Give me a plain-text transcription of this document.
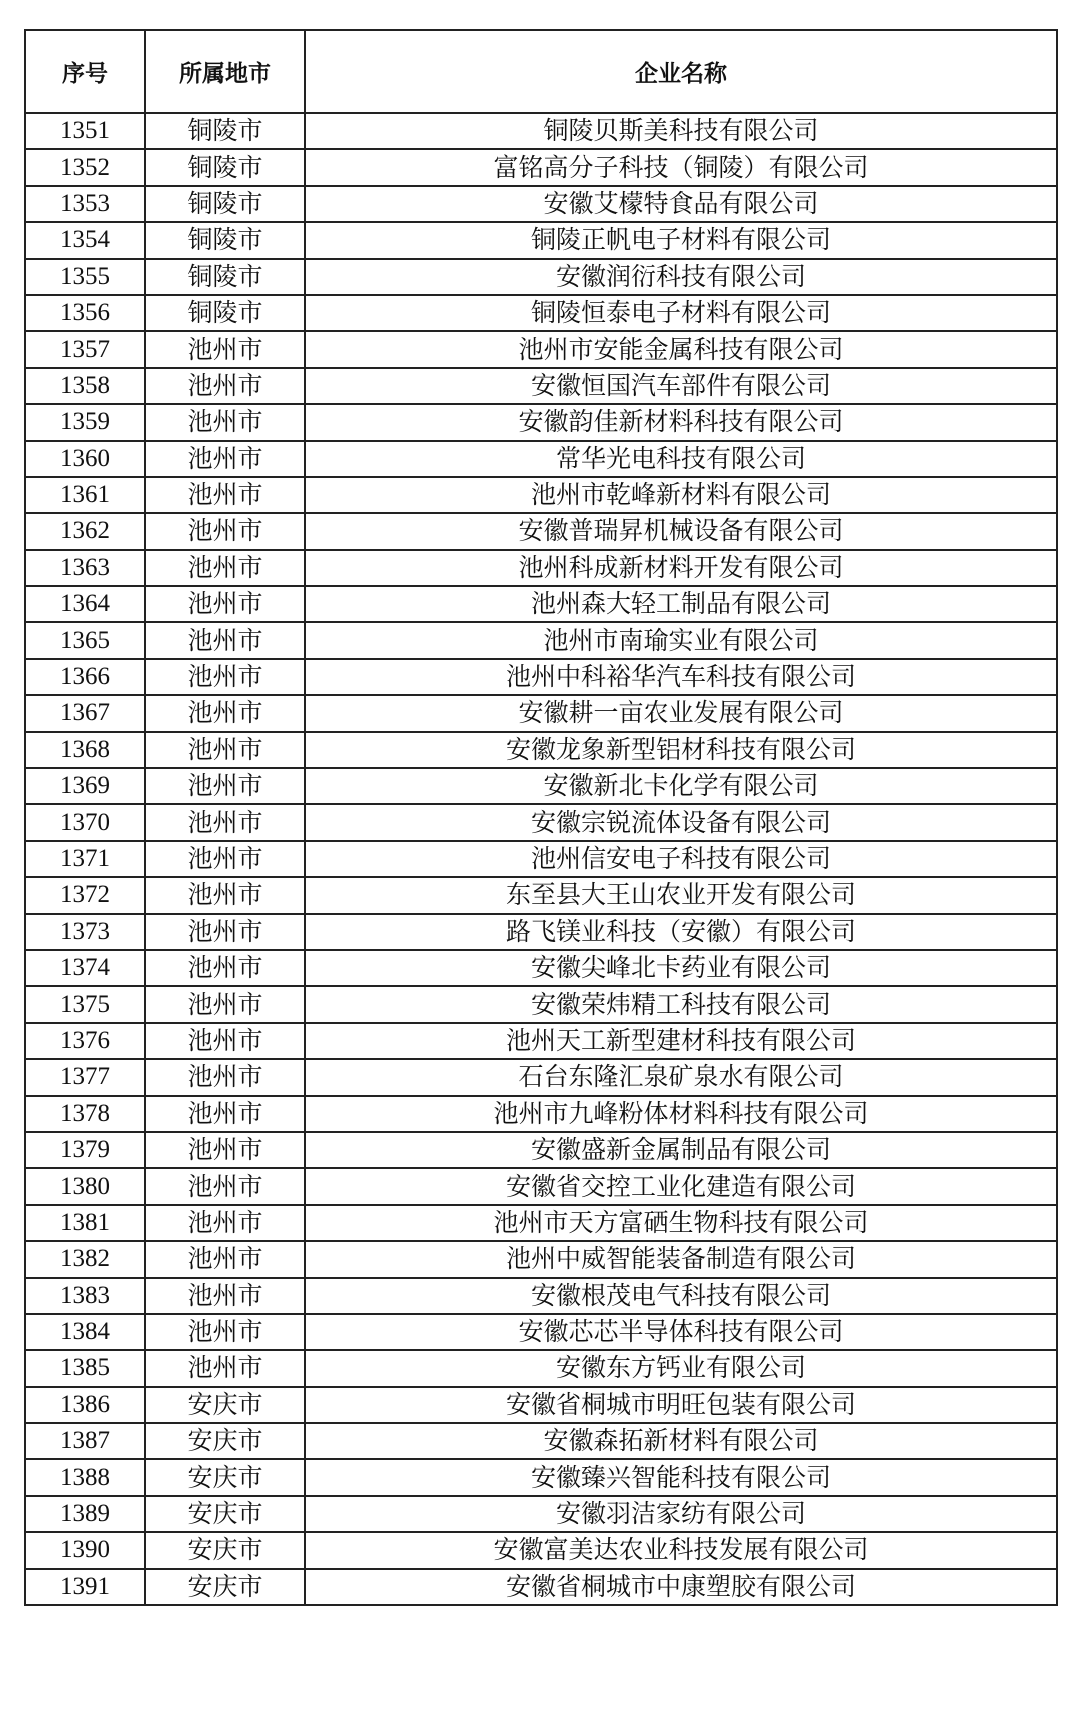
序号	所属地市	企业名称
1351	铜陵市	铜陵贝斯美科技有限公司
1352	铜陵市	富铭高分子科技（铜陵）有限公司
1353	铜陵市	安徽艾檬特食品有限公司
1354	铜陵市	铜陵正帆电子材料有限公司
1355	铜陵市	安徽润衍科技有限公司
1356	铜陵市	铜陵恒泰电子材料有限公司
1357	池州市	池州市安能金属科技有限公司
1358	池州市	安徽恒国汽车部件有限公司
1359	池州市	安徽韵佳新材料科技有限公司
1360	池州市	常华光电科技有限公司
1361	池州市	池州市乾峰新材料有限公司
1362	池州市	安徽普瑞昇机械设备有限公司
1363	池州市	池州科成新材料开发有限公司
1364	池州市	池州森大轻工制品有限公司
1365	池州市	池州市南瑜实业有限公司
1366	池州市	池州中科裕华汽车科技有限公司
1367	池州市	安徽耕一亩农业发展有限公司
1368	池州市	安徽龙象新型铝材科技有限公司
1369	池州市	安徽新北卡化学有限公司
1370	池州市	安徽宗锐流体设备有限公司
1371	池州市	池州信安电子科技有限公司
1372	池州市	东至县大王山农业开发有限公司
1373	池州市	路飞镁业科技（安徽）有限公司
1374	池州市	安徽尖峰北卡药业有限公司
1375	池州市	安徽荣炜精工科技有限公司
1376	池州市	池州天工新型建材科技有限公司
1377	池州市	石台东隆汇泉矿泉水有限公司
1378	池州市	池州市九峰粉体材料科技有限公司
1379	池州市	安徽盛新金属制品有限公司
1380	池州市	安徽省交控工业化建造有限公司
1381	池州市	池州市天方富硒生物科技有限公司
1382	池州市	池州中威智能装备制造有限公司
1383	池州市	安徽根茂电气科技有限公司
1384	池州市	安徽芯芯半导体科技有限公司
1385	池州市	安徽东方钙业有限公司
1386	安庆市	安徽省桐城市明旺包装有限公司
1387	安庆市	安徽森拓新材料有限公司
1388	安庆市	安徽臻兴智能科技有限公司
1389	安庆市	安徽羽洁家纺有限公司
1390	安庆市	安徽富美达农业科技发展有限公司
1391	安庆市	安徽省桐城市中康塑胶有限公司
